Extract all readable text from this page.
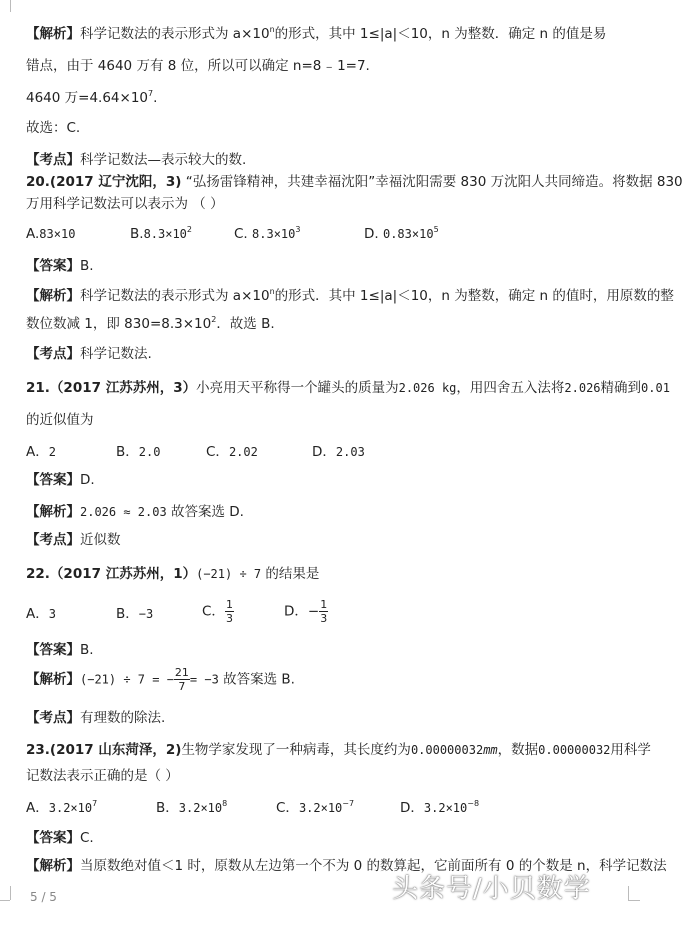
【解析】科学记数法的表示形式为 $a\times 10^n$的形式，其中 1≤|a|＜10，n 为整数．确定 n 的值是易
错点，由于 4640 万有 8 位，所以可以确定 n=8 ₋ 1=7.
4640 万$=4.64\times 10^7$.
故选：C.
【考点】科学记数法—表示较大的数.
20.(2017 辽宁沈阳，3) “弘扬雷锋精神，共建幸福沈阳”幸福沈阳需要 830 万沈阳人共同缔造。将数据 830
万用科学记数法可以表示为 （ ）
A.83×10	$B.8.3\times 10^2$	C. $8.3\times 10^3$	D. $0.83\times 10^5$
【答案】B.
【解析】科学记数法的表示形式为 $a\times 10^n$的形式．其中 1≤|a|＜10，n 为整数，确定 n 的值时，用原数的整
数位数减 1，即 $830=8.3\times 10^2$．故选 B.
【考点】科学记数法.
21.（2017 江苏苏州，3）小亮用天平称得一个罐头的质量为2.026 kg，用四舍五入法将2.026精确到0.01
的近似值为
A．2	B．2.0	C．2.02	D．2.03
【答案】D.
【解析】2.026 ≈ 2.03 故答案选 D.
【考点】近似数
22.（2017 江苏苏州，1）(−21) ÷ 7 的结果是
A．3	B．−3	C． $\frac{1}{3}$	D．− $\frac{1}{3}$
【答案】B.
【解析】(−21) ÷ 7 = − $\frac{21}{7} = -3$ 故答案选 B.
【考点】有理数的除法.
23.(2017 山东菏泽，2)生物学家发现了一种病毒，其长度约为0.00000032mm，数据0.00000032用科学
记数法表示正确的是（ ）
A．$3.2\times 10^7$	B．$3.2\times 10^8$	C．$3.2\times 10^{-7}$	D．$3.2\times 10^{-8}$
【答案】C.
【解析】当原数绝对值＜1 时，原数从左边第一个不为 0 的数算起，它前面所有 0 的个数是 n，科学记数法
5 / 5	头条号/小贝数学
